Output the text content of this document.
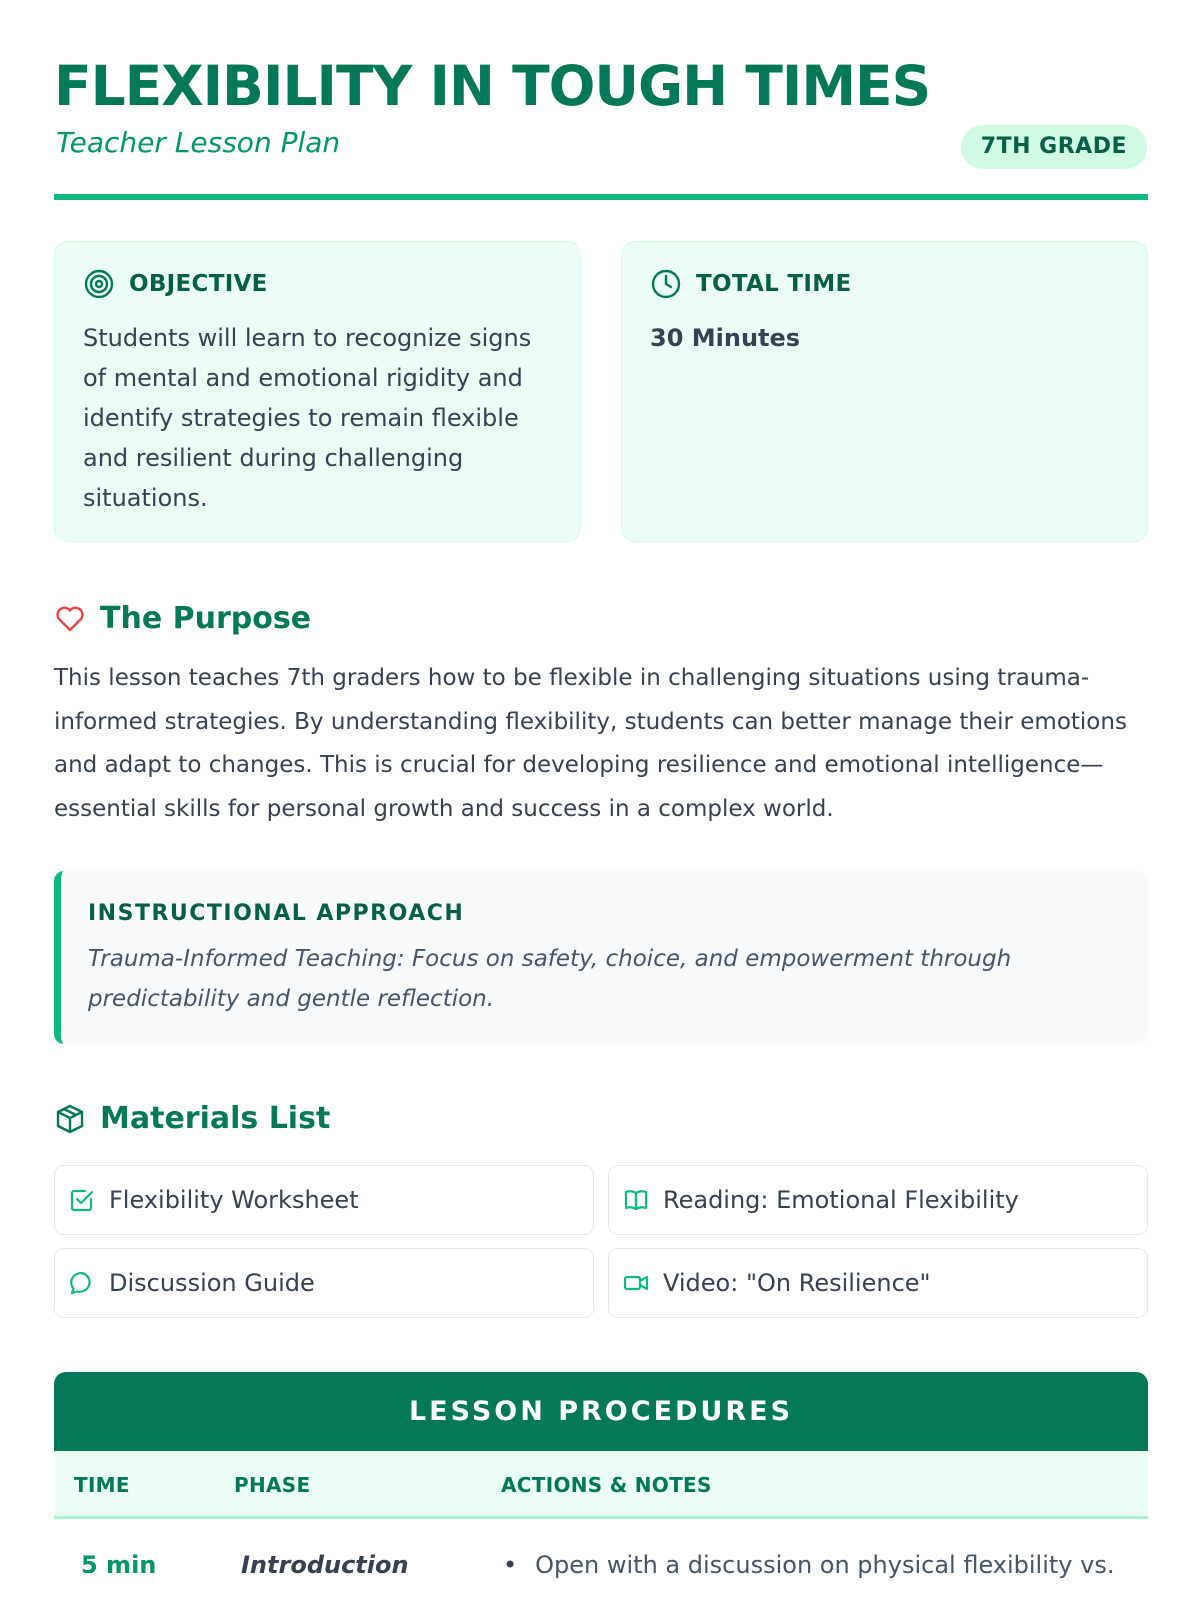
FLEXIBILITY IN TOUGH TIMES
Teacher Lesson Plan	7TH GRADE
OBJECTIVE
Students will learn to recognize signs of mental and emotional rigidity and identify strategies to remain flexible and resilient during challenging situations.
TOTAL TIME
30 Minutes
The Purpose
This lesson teaches 7th graders how to be flexible in challenging situations using trauma-informed strategies. By understanding flexibility, students can better manage their emotions and adapt to changes. This is crucial for developing resilience and emotional intelligence—essential skills for personal growth and success in a complex world.
INSTRUCTIONAL APPROACH
Trauma-Informed Teaching: Focus on safety, choice, and empowerment through predictability and gentle reflection.
Materials List
Flexibility Worksheet	Reading: Emotional Flexibility
Discussion Guide	Video: "On Resilience"
LESSON PROCEDURES
TIME	PHASE	ACTIONS & NOTES
5 min	Introduction	• Open with a discussion on physical flexibility vs.
